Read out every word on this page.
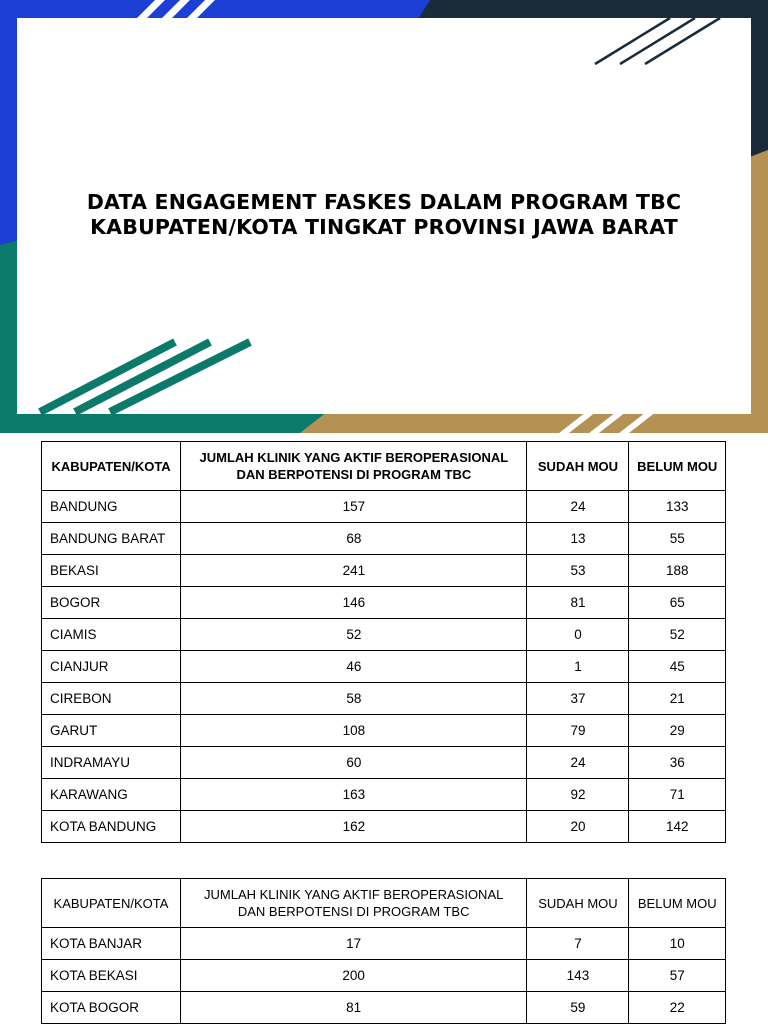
DATA ENGAGEMENT FASKES DALAM PROGRAM TBC
KABUPATEN/KOTA TINGKAT PROVINSI JAWA BARAT
KABUPATEN/KOTA	JUMLAH KLINIK YANG AKTIF BEROPERASIONAL DAN BERPOTENSI DI PROGRAM TBC	SUDAH MOU	BELUM MOU
BANDUNG	157	24	133
BANDUNG BARAT	68	13	55
BEKASI	241	53	188
BOGOR	146	81	65
CIAMIS	52	0	52
CIANJUR	46	1	45
CIREBON	58	37	21
GARUT	108	79	29
INDRAMAYU	60	24	36
KARAWANG	163	92	71
KOTA BANDUNG	162	20	142
KABUPATEN/KOTA	JUMLAH KLINIK YANG AKTIF BEROPERASIONAL DAN BERPOTENSI DI PROGRAM TBC	SUDAH MOU	BELUM MOU
KOTA BANJAR	17	7	10
KOTA BEKASI	200	143	57
KOTA BOGOR	81	59	22
